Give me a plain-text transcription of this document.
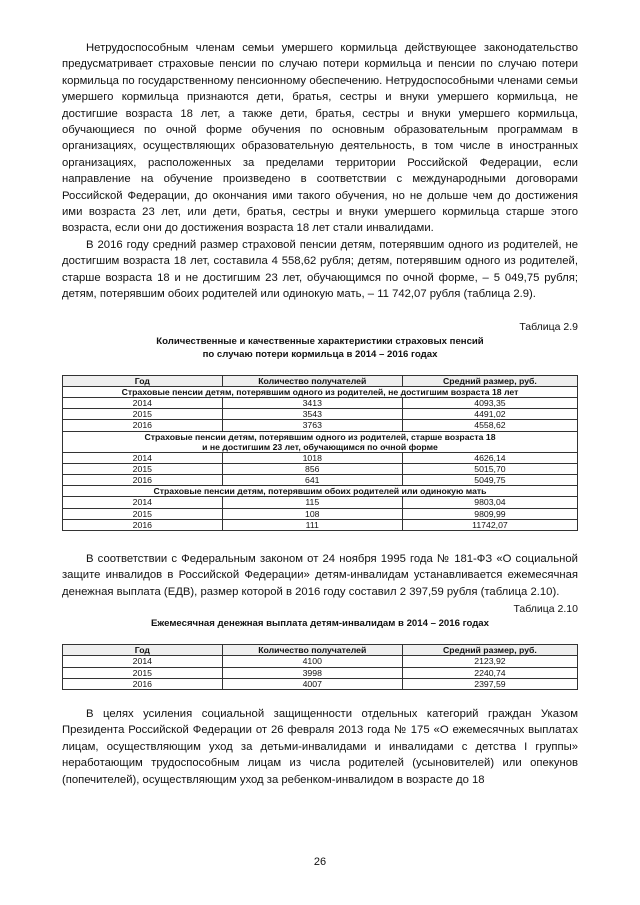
Нетрудоспособным членам семьи умершего кормильца действующее законодательство предусматривает страховые пенсии по случаю потери кормильца и пенсии по случаю потери кормильца по государственному пенсионному обеспечению. Нетрудоспособными членами семьи умершего кормильца признаются дети, братья, сестры и внуки умершего кормильца, не достигшие возраста 18 лет, а также дети, братья, сестры и внуки умершего кормильца, обучающиеся по очной форме обучения по основным образовательным программам в организациях, осуществляющих образовательную деятельность, в том числе в иностранных организациях, расположенных за пределами территории Российской Федерации, если направление на обучение произведено в соответствии с международными договорами Российской Федерации, до окончания ими такого обучения, но не дольше чем до достижения ими возраста 23 лет, или дети, братья, сестры и внуки умершего кормильца старше этого возраста, если они до достижения возраста 18 лет стали инвалидами.

В 2016 году средний размер страховой пенсии детям, потерявшим одного из родителей, не достигшим возраста 18 лет, составила 4 558,62 рубля; детям, потерявшим одного из родителей, старше возраста 18 и не достигшим 23 лет, обучающимся по очной форме, – 5 049,75 рубля; детям, потерявшим обоих родителей или одинокую мать, – 11 742,07 рубля (таблица 2.9).

Таблица 2.9
Количественные и качественные характеристики страховых пенсий
по случаю потери кормильца в 2014 – 2016 годах
Год	Количество получателей	Средний размер, руб.
Страховые пенсии детям, потерявшим одного из родителей, не достигшим возраста 18 лет		
2014	3413	4093,35
2015	3543	4491,02
2016	3763	4558,62

Страховые пенсии детям, потерявшим одного из родителей, старше возраста 18
и не достигшим 23 лет, обучающимся по очной форме		

2014	1018	4626,14
2015	856	5015,70
2016	641	5049,75
Страховые пенсии детям, потерявшим обоих родителей или одинокую мать		
2014	115	9803,04
2015	108	9809,99
2016	111	11742,07

В соответствии с Федеральным законом от 24 ноября 1995 года № 181-ФЗ «О социальной защите инвалидов в Российской Федерации» детям-инвалидам устанавливается ежемесячная денежная выплата (ЕДВ), размер которой в 2016 году составил 2 397,59 рубля (таблица 2.10).

Таблица 2.10
Ежемесячная денежная выплата детям-инвалидам в 2014 – 2016 годах
Год	Количество получателей	Средний размер, руб.
2014	4100	2123,92
2015	3998	2240,74
2016	4007	2397,59

В целях усиления социальной защищенности отдельных категорий граждан Указом Президента Российской Федерации от 26 февраля 2013 года № 175 «О ежемесячных выплатах лицам, осуществляющим уход за детьми-инвалидами и инвалидами с детства I группы» неработающим трудоспособным лицам из числа родителей (усыновителей) или опекунов (попечителей), осуществляющим уход за ребенком-инвалидом в возрасте до 18

26
